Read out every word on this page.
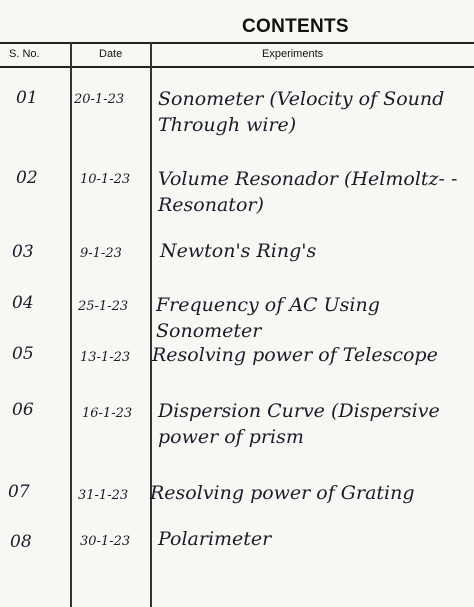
CONTENTS
S. No.	Date	Experiments
01	20-1-23 Sonometer (Velocity of Sound Through wire)
02	10-1-23 Volume Resonador (Helmoltz- - Resonator)
03	9-1-23 Newton's Ring's
04	25-1-23 Frequency of AC Using Sonometer
05	13-1-23 Resolving power of Telescope
06	16-1-23 Dispersion Curve (Dispersive power of prism
07	31-1-23 Resolving power of Grating
08	30-1-23 Polarimeter
